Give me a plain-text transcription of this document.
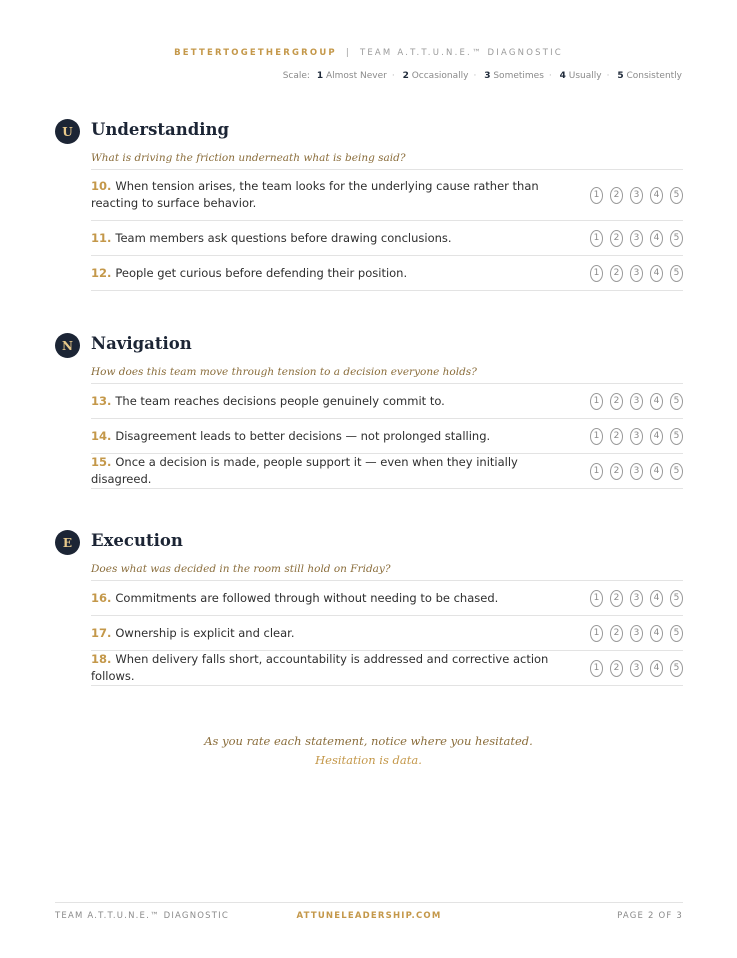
BETTERTOGETHERGROUP | TEAM A.T.T.U.N.E.™ DIAGNOSTIC
Scale: 1 Almost Never · 2 Occasionally · 3 Sometimes · 4 Usually · 5 Consistently
U	Understanding
What is driving the friction underneath what is being said?
10. When tension arises, the team looks for the underlying cause rather than reacting to surface behavior.
1	2	3	4	5
11. Team members ask questions before drawing conclusions.	1	2	3	4	5
12. People get curious before defending their position.	1	2	3	4	5
N	Navigation
How does this team move through tension to a decision everyone holds?
13. The team reaches decisions people genuinely commit to.	1	2	3	4	5
14. Disagreement leads to better decisions — not prolonged stalling.	1	2	3	4	5
15. Once a decision is made, people support it — even when they initially disagreed.
1	2	3	4	5
E	Execution
Does what was decided in the room still hold on Friday?
16. Commitments are followed through without needing to be chased.	1	2	3	4	5
17. Ownership is explicit and clear.	1	2	3	4	5
18. When delivery falls short, accountability is addressed and corrective action follows.
1	2	3	4	5
As you rate each statement, notice where you hesitated.
Hesitation is data.
TEAM A.T.T.U.N.E.™ DIAGNOSTIC	ATTUNELEADERSHIP.COM	PAGE 2 OF 3
